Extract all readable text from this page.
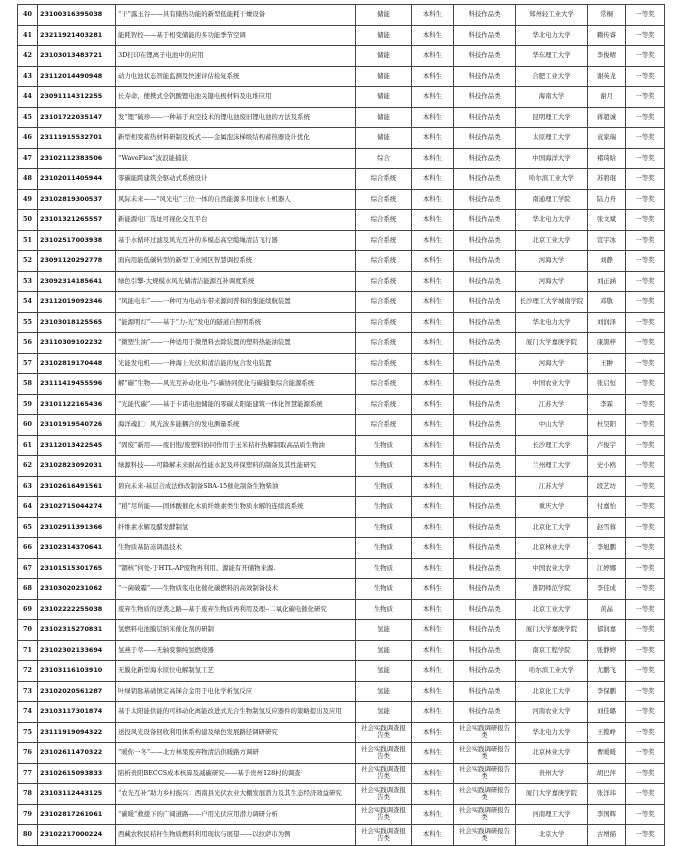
40	23100316395038	“干”露玉谷——具有储热功能的新型低能耗干燥设备	储能	本科生	科技作品类	郑州轻工业大学	常桐	一等奖
41	23211921403281	能耗智控——基于相变储能的多功能季节空调	储能	本科生	科技作品类	华北电力大学	赖传睿	一等奖
42	23103013483721	3D打印在锂离子电池中的应用	储能	本科生	科技作品类	华东理工大学	李俊晴	一等奖
43	23112014490948	动力电池状态智能监测及快速评估检复系统	储能	本科生	科技作品类	合肥工业大学	谢英龙	一等奖
44	23091114312255	长寿命、便携式全钒酸锂电池关键电极材料及电堆应用	储能	本科生	科技作品类	海南大学	谢月	一等奖
45	23101722035147	发“锂”破珍——一种基于真空技术的锂电池废旧锂电池的方法及系统	储能	本科生	科技作品类	昆明理工大学	蒋超诚	一等奖
46	23111915532701	新型相变蓄热材料研制及板式——金属泡沫梯级结构蓄热器设计优化	储能	本科生	科技作品类	太原理工大学	袁家瑞	一等奖
47	23102112383506	“WaveFlex”波浪能捕获	综合	本科生	科技作品类	中国海洋大学	褚琦晗	一等奖
48	23102011405944	零碳能跨建筑全驱动式系统设计	综合系统	本科生	科技作品类	哈尔滨工业大学	苏碧琨	一等奖
49	23102819300537	风际未来——“风光电”三位一体的自然能源多用途水上机器人	综合系统	本科生	科技作品类	南通理工学院	陆力舟	一等奖
50	23101321265557	新能源电厂选址可视化交互平台	综合系统	本科生	科技作品类	华北电力大学	张文斌	一等奖
51	23102517003938	基于水循环过滤及风光互补的多模态高空缆绳清洁飞行器	综合系统	本科生	科技作品类	北京工业大学	宣宇冰	一等奖
52	23091120292778	面向用能低碳转型的新型工业园区智慧调控系统	综合系统	本科生	科技作品类	河海大学	刘静	一等奖
53	23092314185641	绿色引擎-大规模水风光储清洁能源互补调度系统	综合系统	本科生	科技作品类	河海大学	刘正涵	一等奖
54	23112019092346	“风能电车”——一种可为电动车带来源间普和的集能续航装置	综合系统	本科生	科技作品类	长沙理工大学城南学院	邓敬	一等奖
55	23103018125565	“能源明灯”——基于“力-光”发电的隧道自照明系统	综合系统	本科生	科技作品类	华北电力大学	刘润泽	一等奖
56	23110309102232	“微塑生油”——一种适用于微塑料去除装置的塑料热能油装置	综合系统	本科生	科技作品类	厦门大学嘉庚学院	康黑梓	一等奖
57	23102819170448	光能发电机——一种海上光伏和清洁能的复合发电装置	综合系统	本科生	科技作品类	河海大学	王翀	一等奖
58	23111419455596	解“碳”生物——风光互补动化电-气-碳协同优化与碳捕集综合能源系统	综合系统	本科生	科技作品类	中国农业大学	张启恒	一等奖
59	23101122165436	“光能代碳”——基于卡诺电池储能的零碳太阳能建筑一体化智慧能源系统	综合系统	本科生	科技作品类	江苏大学	李霖	一等奖
60	23101919540726	海洋魂汇：风光波多能耦合的发电测量系统	综合系统	本科生	科技作品类	中山大学	杜昊阳	一等奖
61	23112013422545	“固废”新用——废旧饱/废塑料协同作用于玉米秸秆热解制取高品质生物油	生物质	本科生	科技作品类	长沙理工大学	卢俊宇	一等奖
62	23102823092031	绿源科技——可降解未来耐高性能水泥及环保塑料的制备及其性能研究	生物质	本科生	科技作品类	兰州理工大学	史小鸥	一等奖
63	23102616491561	碧向未来-基层合成法修改制备SBA-15催化制备生物柴油	生物质	本科生	科技作品类	江苏大学	段艺坊	一等奖
64	23102715044274	“稻”尽所能——固体酸催化木质纤维素类生物质水解的连续流系统	生物质	本科生	科技作品类	重庆大学	付嘉怡	一等奖
65	23102911391366	纤维素水解及醋发酵制氢	生物质	本科生	科技作品类	北京化工大学	赵雪蓉	一等奖
66	23102314370641	生物质基防冻调温技术	生物质	本科生	科技作品类	北京林业大学	李旭鹏	一等奖
67	23101515301765	“锢核”何处-于HTL-AP废物再利用、源能有开储物来源.	生物质	本科生	科技作品类	中国农业大学	江婷娜	一等奖
68	23103020231062	“一菌破霾”——生物质浆电化催化碳燃料的高效制备技术	生物质	本科生	科技作品类	淮阴师范学院	李佳成	一等奖
69	23102222255038	废弃生物质的逆袭之路—基于废弃生物质再利用及理--二氧化碳电催化研究	生物质	本科生	科技作品类	北京工业大学	黄晶	一等奖
70	23102315270831	氢燃料电池膜层纳米催化剂的研制	氢能	本科生	科技作品类	厦门大学嘉庚学院	郁润嘉	一等奖
71	23102302133694	氢燕于萃——无轴变频纯氢燃烧器	氢能	本科生	科技作品类	南京工程学院	张静婷	一等奖
72	23103116103910	无膜化新型海水原位电解制氢工艺	氢能	本科生	科技作品类	哈尔滨工业大学	尤鹏飞	一等奖
73	23102020561287	叶绿钥匙基础镇定高锑合金用于电化学析氢反应	氢能	本科生	科技作品类	北京化工大学	李保鹏	一等奖
74	23103117301874	基于太阳能供能的可移动化离能改进式光合生物制氢反应器件的策略提出及应用	氢能	本科生	科技作品类	河南农业大学	刘佳璐	一等奖
75	23111919094322	送投风光设备回收利用体系构建及绿色发展路径调研研究	社会实践调查报告类	本科生	社会实践调研报告类	华北电力大学	王揽峥	一等奖
76	23102611470322	“暖你一冬”——北方林果废弃物清洁供暖路方调研	社会实践调查报告类	本科生	社会实践调研报告类	北京林业大学	曹暖暖	一等奖
77	23102615093833	陷析贵阳BECCS成本核算及减碳研究——基于贵州128村的调查	社会实践调查报告类	本科生	社会实践调研报告类	贵州大学	胡巴萍	一等奖
78	23103112443125	“农光互补”助力乡村振兴：西南县光伏农业大棚发展潜力及其生态经济效益研究	社会实践调查报告类	本科生	社会实践调研报告类	厦门大学嘉庚学院	张洋玮	一等奖
79	23102817261061	“碳暖”救援下的广阔道路——户用光伏应用潜力调研分析	社会实践调查报告类	本科生	社会实践调研报告类	河南理工大学	李国辉	一等奖
80	23102217000224	西藏农牧民秸秆生物质燃料利用现状与展望——以拉萨市为例	社会实践调查报告类	本科生	社会实践调研报告类	北京大学	古增描	一等奖
